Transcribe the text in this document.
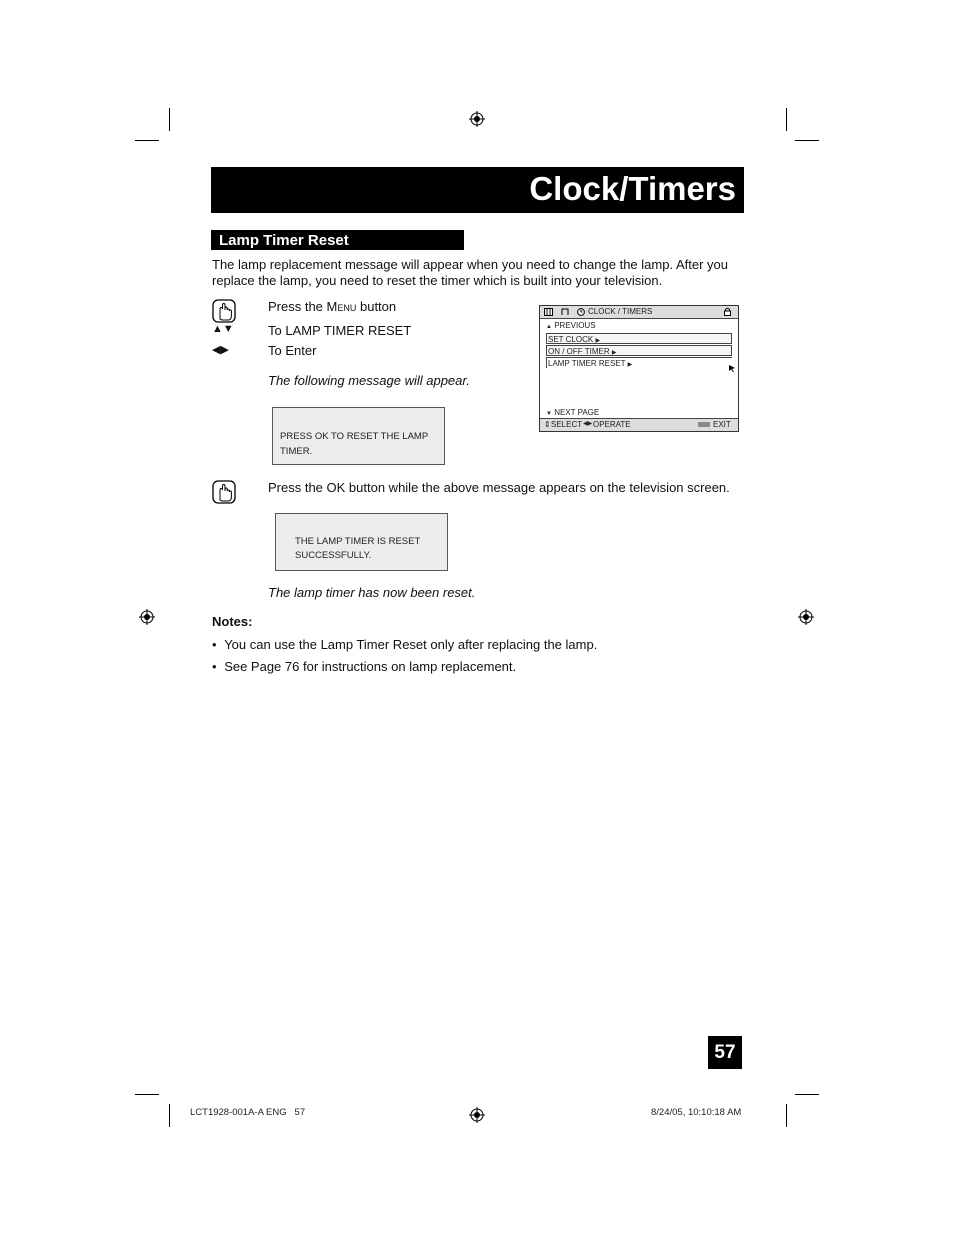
Clock/Timers
Lamp Timer Reset
The lamp replacement message will appear when you need to change the lamp. After you replace the lamp, you need to reset the timer which is built into your television.
Press the Menu button
▲▼	To LAMP TIMER RESET
◀▶	To Enter
The following message will appear.
PRESS OK TO RESET THE LAMP TIMER.
CLOCK / TIMERS
▲ PREVIOUS
SET CLOCK ▶
ON / OFF TIMER ▶
LAMP TIMER RESET ▶
▼ NEXT PAGE
⇕ SELECT ◀▶ OPERATE	MENU EXIT
Press the OK button while the above message appears on the television screen.
THE LAMP TIMER IS RESET SUCCESSFULLY.
The lamp timer has now been reset.
Notes:
• You can use the Lamp Timer Reset only after replacing the lamp.
• See Page 76 for instructions on lamp replacement.
57
LCT1928-001A-A ENG   57	8/24/05, 10:10:18 AM
